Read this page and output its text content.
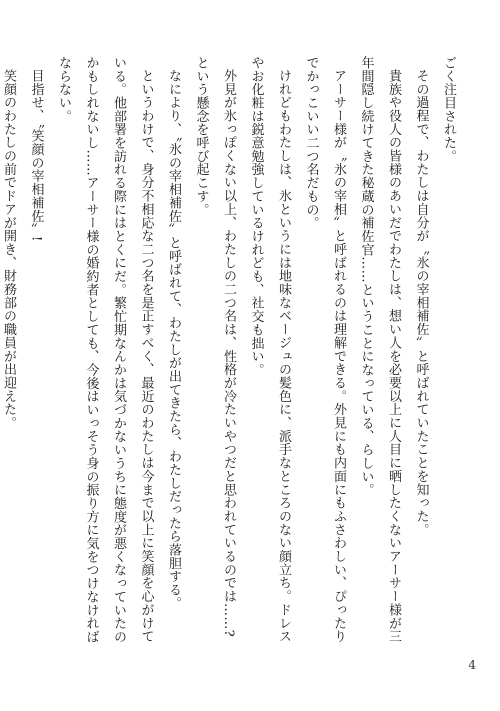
ごく注目された。
その過程で、わたしは自分が〝氷の宰相補佐〟と呼ばれていたことを知った。
貴族や役人の皆様のあいだでわたしは、想い人を必要以上に人目に晒したくないアーサー様が三
年間隠し続けてきた秘蔵の補佐官……ということになっている、らしい。
アーサー様が〝氷の宰相〟と呼ばれるのは理解できる。外見にも内面にもふさわしい、ぴったり
でかっこいい二つ名だもの。
けれどもわたしは、氷というには地味なベージュの髪色に、派手なところのない顔立ち。ドレス
やお化粧は鋭意勉強しているけれども、社交も拙い。
外見が氷っぽくない以上、わたしの二つ名は、性格が冷たいやつだと思われているのでは……?
という懸念を呼び起こす。
なにより、〝氷の宰相補佐〟と呼ばれて、わたしが出てきたら、わたしだったら落胆する。
というわけで、身分不相応な二つ名を是正すべく、最近のわたしは今まで以上に笑顔を心がけて
いる。他部署を訪れる際にはとくにだ。繁忙期なんかは気づかないうちに態度が悪くなっていたの
かもしれないし……アーサー様の婚約者としても、今後はいっそう身の振り方に気をつけなければ
ならない。
目指せ、〝笑顔の宰相補佐〟!
笑顔のわたしの前でドアが開き、財務部の職員が出迎えた。
4
